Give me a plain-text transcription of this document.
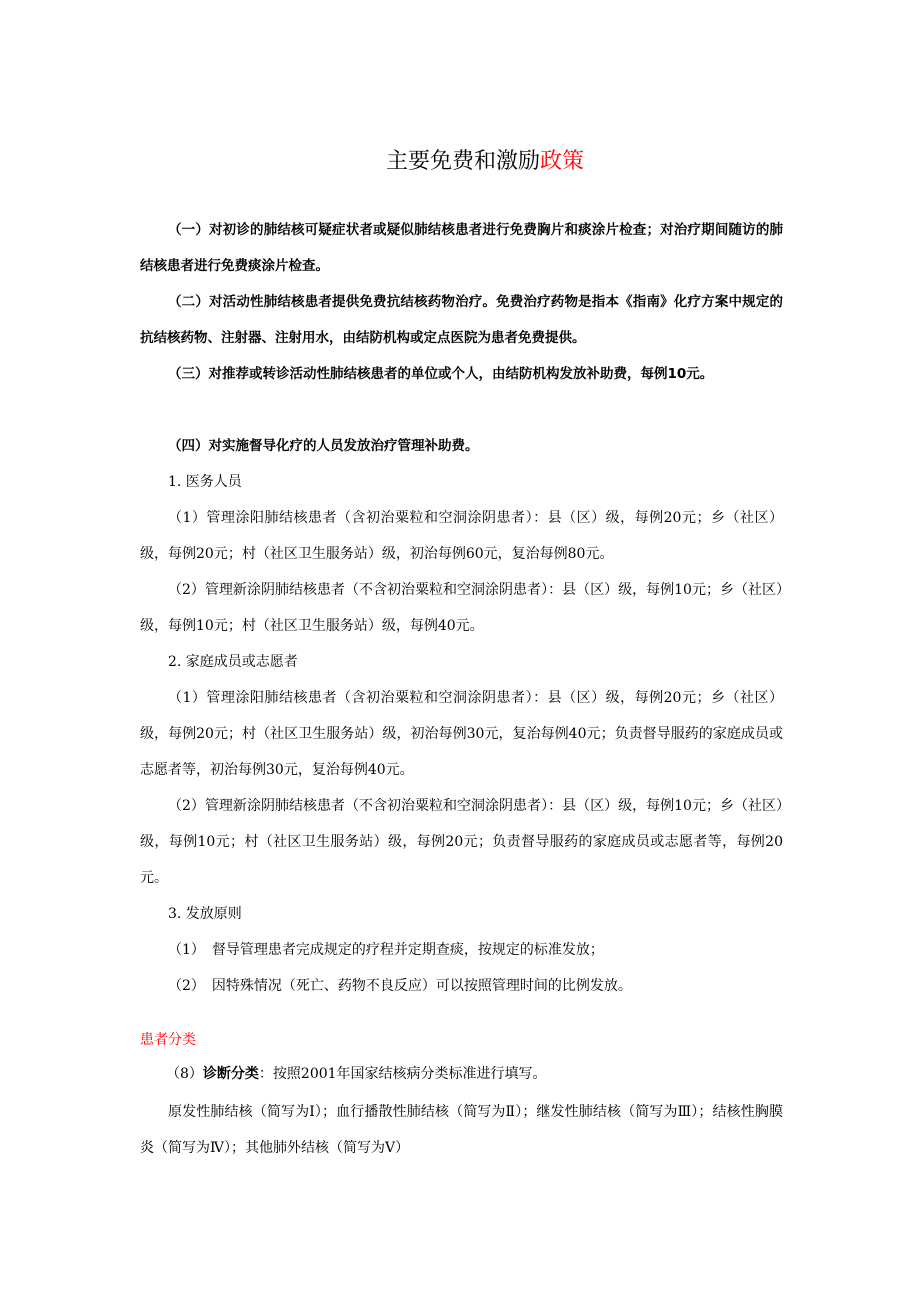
主要免费和激励政策
（一）对初诊的肺结核可疑症状者或疑似肺结核患者进行免费胸片和痰涂片检查；对治疗期间随访的肺结核患者进行免费痰涂片检查。
（二）对活动性肺结核患者提供免费抗结核药物治疗。免费治疗药物是指本《指南》化疗方案中规定的抗结核药物、注射器、注射用水，由结防机构或定点医院为患者免费提供。
（三）对推荐或转诊活动性肺结核患者的单位或个人，由结防机构发放补助费，每例10元。
（四）对实施督导化疗的人员发放治疗管理补助费。
1. 医务人员
（1）管理涂阳肺结核患者（含初治粟粒和空洞涂阴患者）：县（区）级，每例20元；乡（社区）级，每例20元；村（社区卫生服务站）级，初治每例60元，复治每例80元。
（2）管理新涂阴肺结核患者（不含初治粟粒和空洞涂阴患者）：县（区）级，每例10元；乡（社区）级，每例10元；村（社区卫生服务站）级，每例40元。
2. 家庭成员或志愿者
（1）管理涂阳肺结核患者（含初治粟粒和空洞涂阴患者）：县（区）级，每例20元；乡（社区）级，每例20元；村（社区卫生服务站）级，初治每例30元，复治每例40元；负责督导服药的家庭成员或志愿者等，初治每例30元，复治每例40元。
（2）管理新涂阴肺结核患者（不含初治粟粒和空洞涂阴患者）：县（区）级，每例10元；乡（社区）级，每例10元；村（社区卫生服务站）级，每例20元；负责督导服药的家庭成员或志愿者等，每例20元。
3. 发放原则
（1）　督导管理患者完成规定的疗程并定期查痰，按规定的标准发放；
（2）　因特殊情况（死亡、药物不良反应）可以按照管理时间的比例发放。
患者分类
（8）诊断分类：按照2001年国家结核病分类标准进行填写。
原发性肺结核（简写为Ⅰ）；血行播散性肺结核（简写为Ⅱ）；继发性肺结核（简写为Ⅲ）；结核性胸膜炎（简写为Ⅳ）；其他肺外结核（简写为Ⅴ）
